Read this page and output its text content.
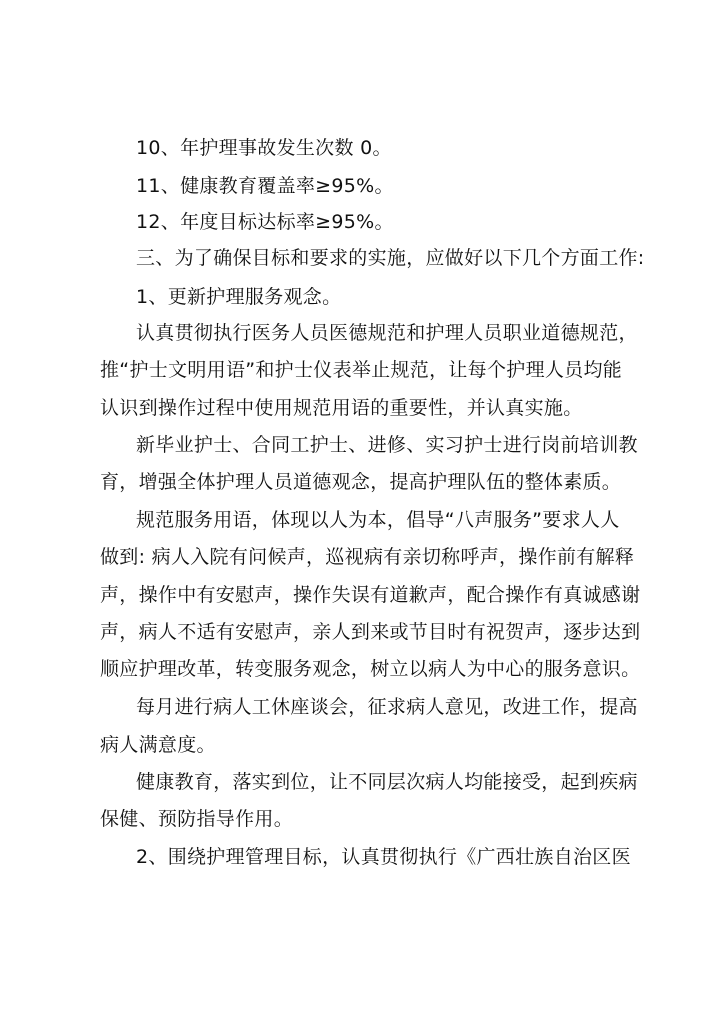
10、年护理事故发生次数 0。
11、健康教育覆盖率≥95%。
12、年度目标达标率≥95%。
三、为了确保目标和要求的实施，应做好以下几个方面工作:
1、更新护理服务观念。
认真贯彻执行医务人员医德规范和护理人员职业道德规范，
推“护士文明用语”和护士仪表举止规范，让每个护理人员均能
认识到操作过程中使用规范用语的重要性，并认真实施。
新毕业护士、合同工护士、进修、实习护士进行岗前培训教
育，增强全体护理人员道德观念，提高护理队伍的整体素质。
规范服务用语，体现以人为本，倡导“八声服务”要求人人
做到: 病人入院有问候声，巡视病有亲切称呼声，操作前有解释
声，操作中有安慰声，操作失误有道歉声，配合操作有真诚感谢
声，病人不适有安慰声，亲人到来或节目时有祝贺声，逐步达到
顺应护理改革，转变服务观念，树立以病人为中心的服务意识。
每月进行病人工休座谈会，征求病人意见，改进工作，提高
病人满意度。
健康教育，落实到位，让不同层次病人均能接受，起到疾病
保健、预防指导作用。
2、围绕护理管理目标，认真贯彻执行《广西壮族自治区医
